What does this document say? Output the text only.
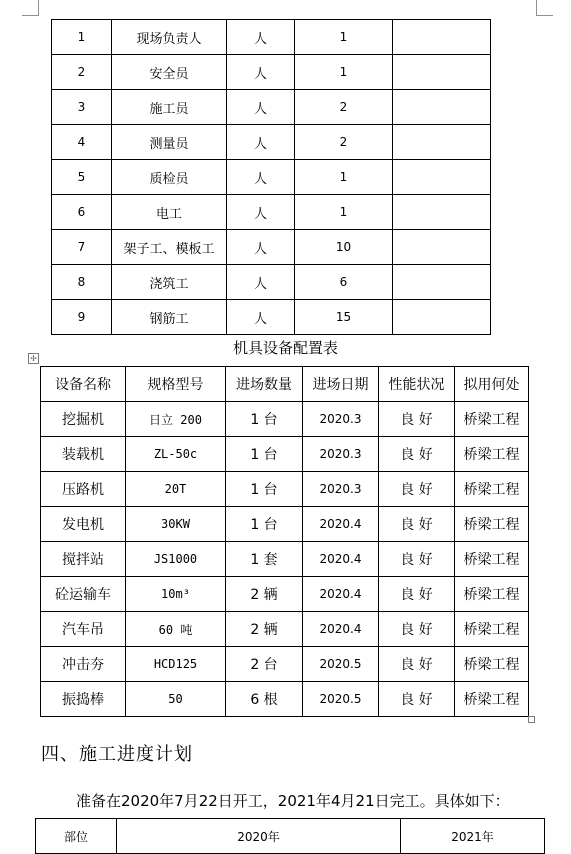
1	现场负责人	人	1	
2	安全员	人	1	
3	施工员	人	2	
4	测量员	人	2	
5	质检员	人	1	
6	电工	人	1	
7	架子工、模板工	人	10	
8	浇筑工	人	6	
9	钢筋工	人	15	
机具设备配置表
✢
设备名称	规格型号	进场数量	进场日期	性能状况	拟用何处
挖掘机	日立 200	1 台	2020.3	良 好	桥梁工程
装载机	ZL-50c	1 台	2020.3	良 好	桥梁工程
压路机	20T	1 台	2020.3	良 好	桥梁工程
发电机	30KW	1 台	2020.4	良 好	桥梁工程
搅拌站	JS1000	1 套	2020.4	良 好	桥梁工程
砼运输车	10m³	2 辆	2020.4	良 好	桥梁工程
汽车吊	60 吨	2 辆	2020.4	良 好	桥梁工程
冲击夯	HCD125	2 台	2020.5	良 好	桥梁工程
振捣棒	50	6 根	2020.5	良 好	桥梁工程
四、施工进度计划
准备在2020年7月22日开工，2021年4月21日完工。具体如下：
部位	2020年	2021年
